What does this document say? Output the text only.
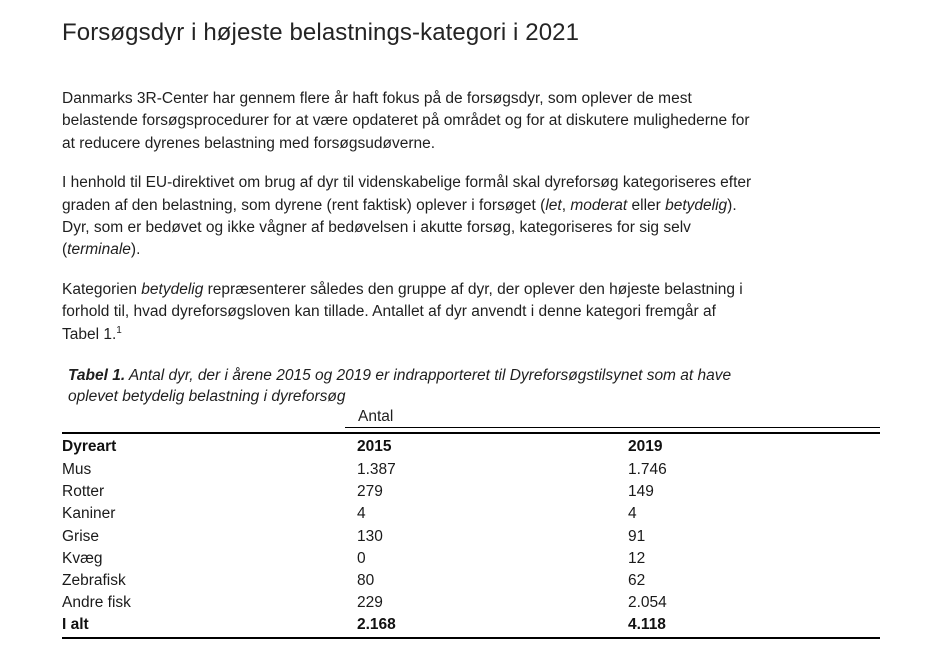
Forsøgsdyr i højeste belastnings-kategori i 2021

Danmarks 3R-Center har gennem flere år haft fokus på de forsøgsdyr, som oplever de mest
belastende forsøgsprocedurer for at være opdateret på området og for at diskutere mulighederne for
at reducere dyrenes belastning med forsøgsudøverne.

I henhold til EU-direktivet om brug af dyr til videnskabelige formål skal dyreforsøg kategoriseres efter
graden af den belastning, som dyrene (rent faktisk) oplever i forsøget (let, moderat eller betydelig).
Dyr, som er bedøvet og ikke vågner af bedøvelsen i akutte forsøg, kategoriseres for sig selv
(terminale).

Kategorien betydelig repræsenterer således den gruppe af dyr, der oplever den højeste belastning i
forhold til, hvad dyreforsøgsloven kan tillade. Antallet af dyr anvendt i denne kategori fremgår af
Tabel 1.$^1$

Tabel 1. Antal dyr, der i årene 2015 og 2019 er indrapporteret til Dyreforsøgstilsynet som at have
oplevet betydelig belastning i dyreforsøg

Antal
Dyreart	2015	2019
Mus	1.387	1.746
Rotter	279	149
Kaniner	4	4
Grise	130	91
Kvæg	0	12
Zebrafisk	80	62
Andre fisk	229	2.054
I alt	2.168	4.118
